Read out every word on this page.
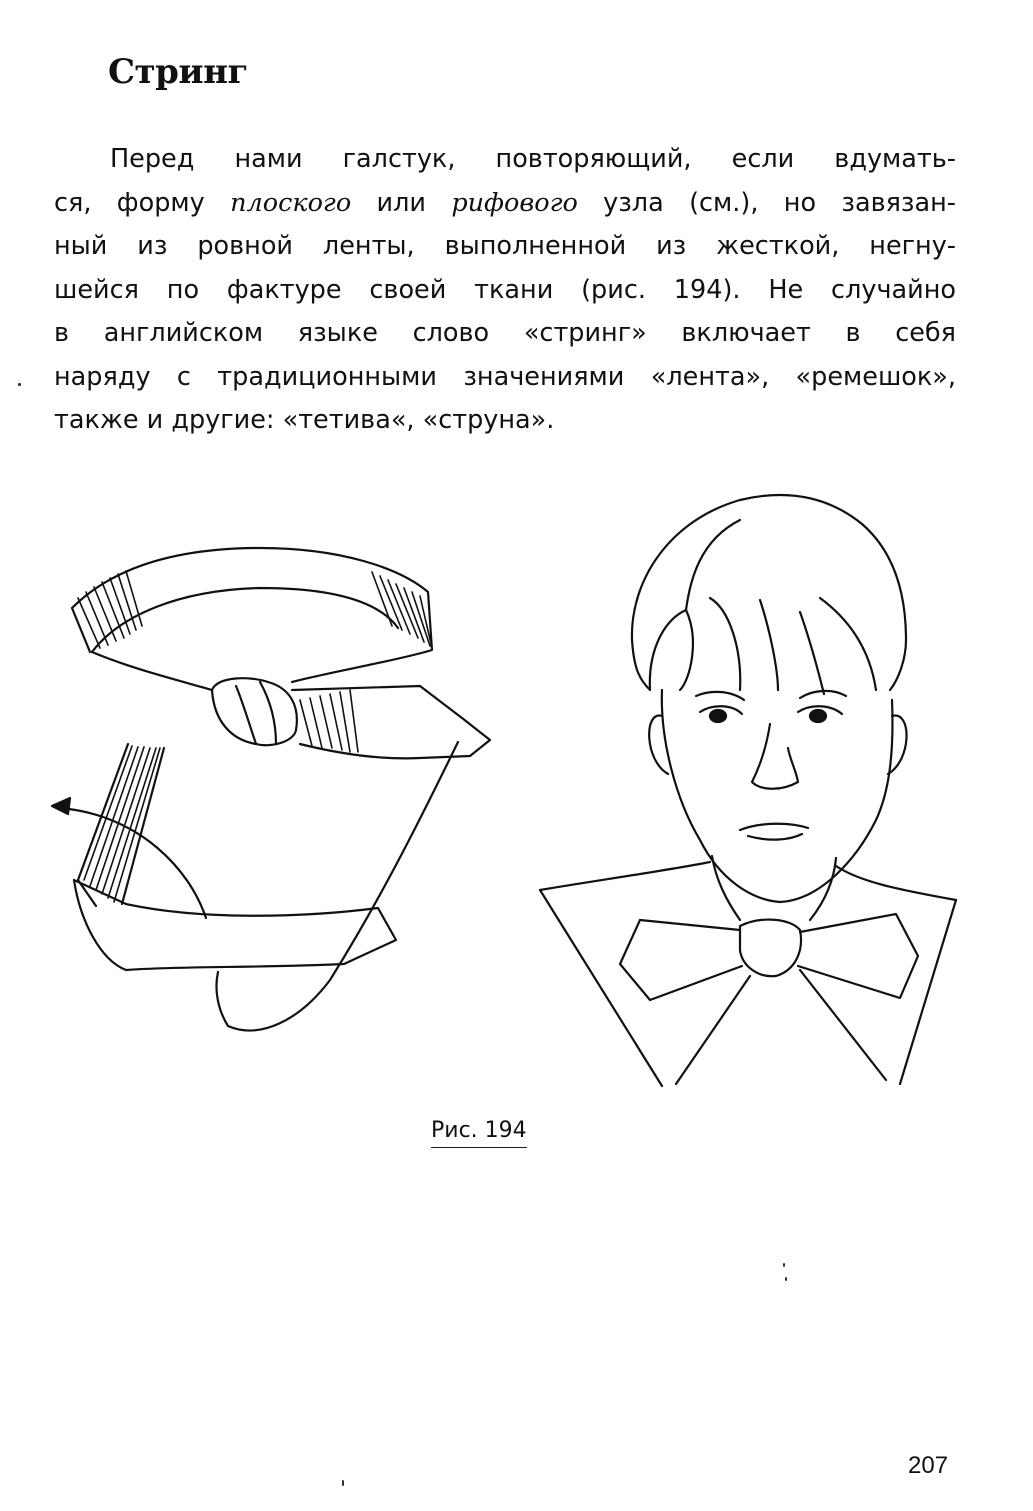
Стринг

Перед нами галстук, повторяющий, если вдумать-
ся, форму плоского или рифового узла (см.), но завязан-
ный из ровной ленты, выполненной из жесткой, негну-
шейся по фактуре своей ткани (рис. 194). Не случайно
в английском языке слово «стринг» включает в себя
наряду с традиционными значениями «лента», «ремешок»,
также и другие: «тетива«, «струна».

Рис. 194
207
